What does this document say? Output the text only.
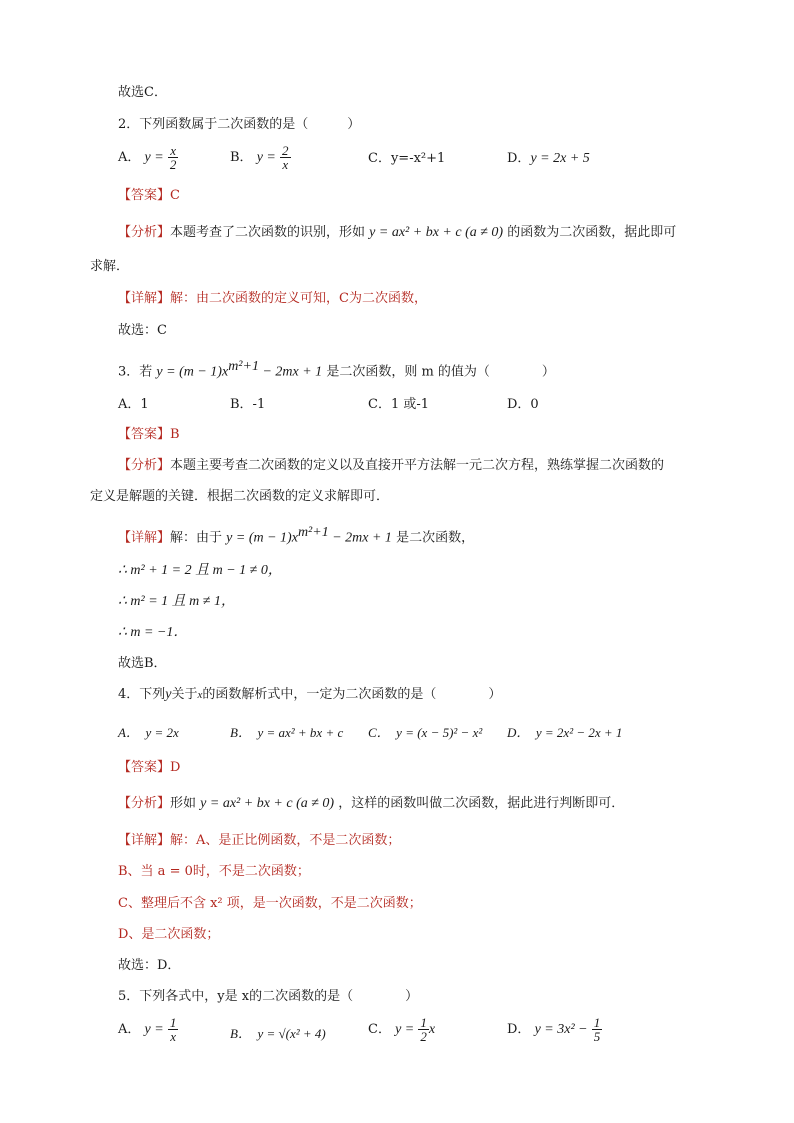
故选C．
2．下列函数属于二次函数的是（　　　）
A． $y = \frac{x}{2}$	B． $y = \frac{2}{x}$	C．y=-x²+1	D．y = 2x + 5
【答案】C
【分析】本题考查了二次函数的识别，形如 y = ax² + bx + c (a ≠ 0) 的函数为二次函数，据此即可
求解．
【详解】解：由二次函数的定义可知，C为二次函数，
故选：C
3．若 $y = (m - 1)x^{m^2+1} - 2mx + 1$ 是二次函数，则 m 的值为（　　　　）
A．1	B．-1	C．1 或-1	D．0
【答案】B
【分析】本题主要考查二次函数的定义以及直接开平方法解一元二次方程，熟练掌握二次函数的
定义是解题的关键．根据二次函数的定义求解即可．
【详解】解：由于 $y = (m - 1)x^{m^2+1} - 2mx + 1$ 是二次函数，
∴ m² + 1 = 2 且 m − 1 ≠ 0，
∴ m² = 1 且 m ≠ 1，
∴ m = −1．
故选B．
4．下列y关于x的函数解析式中，一定为二次函数的是（　　　　）
A．　y = 2x	B．　y = ax² + bx + c C．　y = (x − 5)² − x² D．　y = 2x² − 2x + 1
【答案】D
【分析】形如 y = ax² + bx + c (a ≠ 0) ，这样的函数叫做二次函数，据此进行判断即可．
【详解】解：A、是正比例函数，不是二次函数；
B、当 a = 0时，不是二次函数；
C、整理后不含 x² 项，是一次函数，不是二次函数；
D、是二次函数；
故选：D．
5．下列各式中，y是 x的二次函数的是（　　　　）
A． $y = \frac{1}{x}$	B．　y = √(x² + 4)	C． $y = \frac{1}{2}$ x	D． $y = 3x^2 - \frac{1}{5}$
